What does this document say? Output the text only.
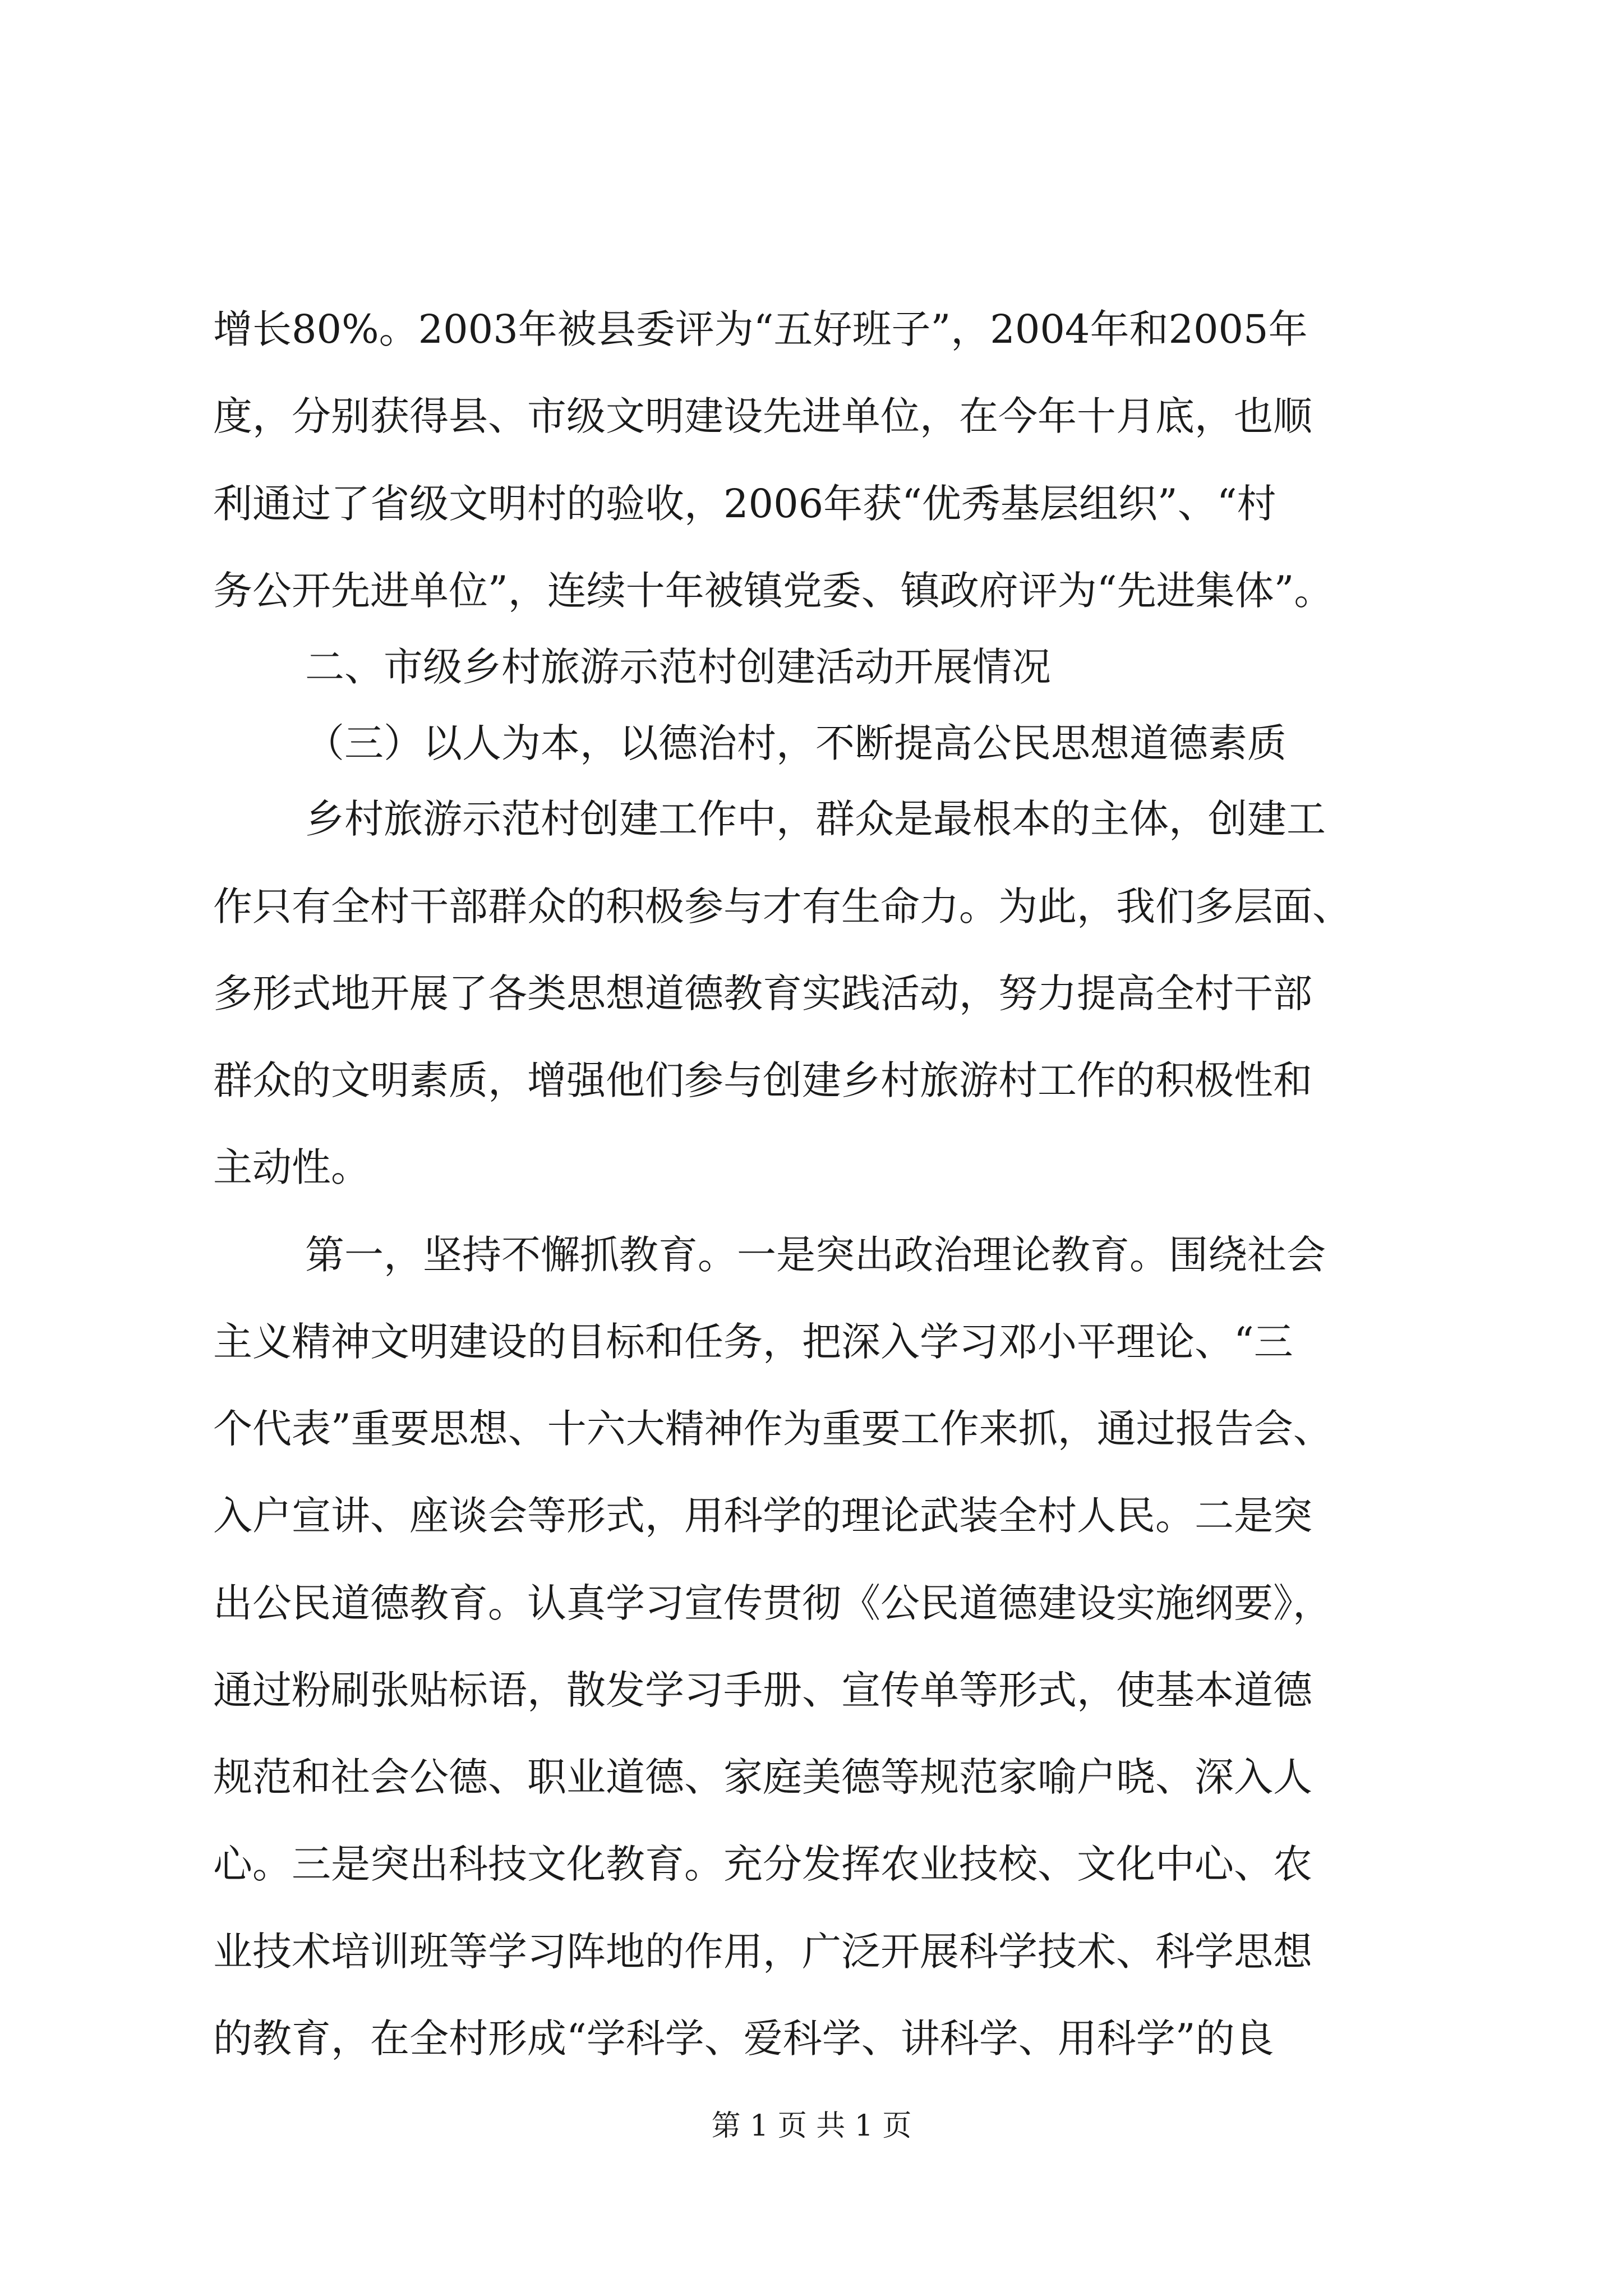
增长80%。2003年被县委评为“五好班子”，2004年和2005年
度，分别获得县、市级文明建设先进单位，在今年十月底，也顺
利通过了省级文明村的验收，2006年获“优秀基层组织”、“村
务公开先进单位”，连续十年被镇党委、镇政府评为“先进集体”。
二、市级乡村旅游示范村创建活动开展情况
（三）以人为本，以德治村，不断提高公民思想道德素质
乡村旅游示范村创建工作中，群众是最根本的主体，创建工
作只有全村干部群众的积极参与才有生命力。为此，我们多层面、
多形式地开展了各类思想道德教育实践活动，努力提高全村干部
群众的文明素质，增强他们参与创建乡村旅游村工作的积极性和
主动性。
第一，坚持不懈抓教育。一是突出政治理论教育。围绕社会
主义精神文明建设的目标和任务，把深入学习邓小平理论、“三
个代表”重要思想、十六大精神作为重要工作来抓，通过报告会、
入户宣讲、座谈会等形式，用科学的理论武装全村人民。二是突
出公民道德教育。认真学习宣传贯彻《公民道德建设实施纲要》，
通过粉刷张贴标语，散发学习手册、宣传单等形式，使基本道德
规范和社会公德、职业道德、家庭美德等规范家喻户晓、深入人
心。三是突出科技文化教育。充分发挥农业技校、文化中心、农
业技术培训班等学习阵地的作用，广泛开展科学技术、科学思想
的教育，在全村形成“学科学、爱科学、讲科学、用科学”的良
第 1 页 共 1 页
